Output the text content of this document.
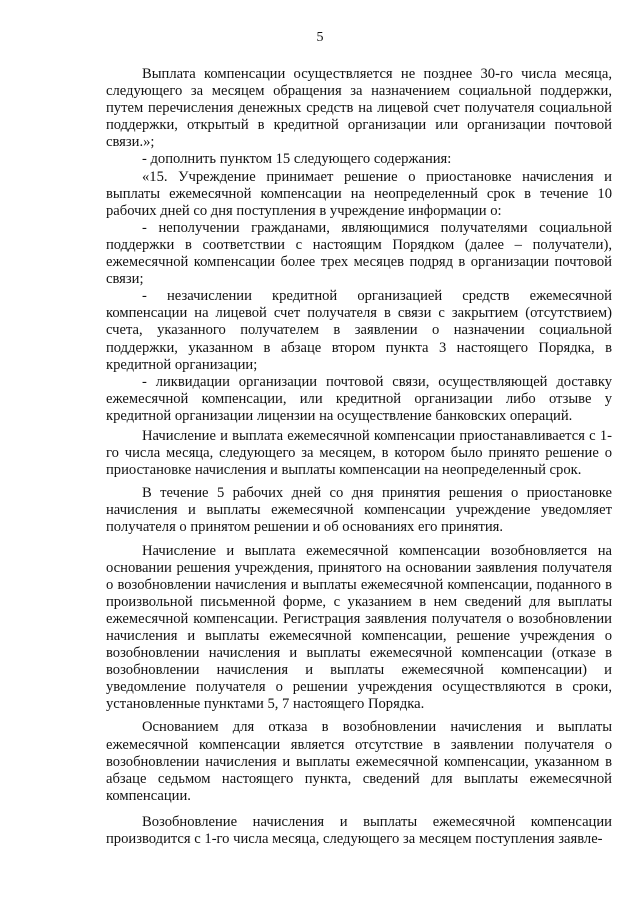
5

Выплата компенсации осуществляется не позднее 30-го числа месяца, следующего за месяцем обращения за назначением социальной поддержки, путем перечисления денежных средств на лицевой счет получателя социальной поддержки, открытый в кредитной организации или организации почтовой связи.»;

- дополнить пунктом 15 следующего содержания:

«15. Учреждение принимает решение о приостановке начисления и выплаты ежемесячной компенсации на неопределенный срок в течение 10 рабочих дней со дня поступления в учреждение информации о:

- неполучении гражданами, являющимися получателями социальной поддержки в соответствии с настоящим Порядком (далее – получатели), ежемесячной компенсации более трех месяцев подряд в организации почтовой связи;

- незачислении кредитной организацией средств ежемесячной компенсации на лицевой счет получателя в связи с закрытием (отсутствием) счета, указанного получателем в заявлении о назначении социальной поддержки, указанном в абзаце втором пункта 3 настоящего Порядка, в кредитной организации;

- ликвидации организации почтовой связи, осуществляющей доставку ежемесячной компенсации, или кредитной организации либо отзыве у кредитной организации лицензии на осуществление банковских операций.

Начисление и выплата ежемесячной компенсации приостанавливается с 1-го числа месяца, следующего за месяцем, в котором было принято решение о приостановке начисления и выплаты компенсации на неопределенный срок.

В течение 5 рабочих дней со дня принятия решения о приостановке начисления и выплаты ежемесячной компенсации учреждение уведомляет получателя о принятом решении и об основаниях его принятия.

Начисление и выплата ежемесячной компенсации возобновляется на основании решения учреждения, принятого на основании заявления получателя о возобновлении начисления и выплаты ежемесячной компенсации, поданного в произвольной письменной форме, с указанием в нем сведений для выплаты ежемесячной компенсации. Регистрация заявления получателя о возобновлении начисления и выплаты ежемесячной компенсации, решение учреждения о возобновлении начисления и выплаты ежемесячной компенсации (отказе в возобновлении начисления и выплаты ежемесячной компенсации) и уведомление получателя о решении учреждения осуществляются в сроки, установленные пунктами 5, 7 настоящего Порядка.

Основанием для отказа в возобновлении начисления и выплаты ежемесячной компенсации является отсутствие в заявлении получателя о возобновлении начисления и выплаты ежемесячной компенсации, указанном в абзаце седьмом настоящего пункта, сведений для выплаты ежемесячной компенсации.

Возобновление начисления и выплаты ежемесячной компенсации производится с 1-го числа месяца, следующего за месяцем поступления заявле-
